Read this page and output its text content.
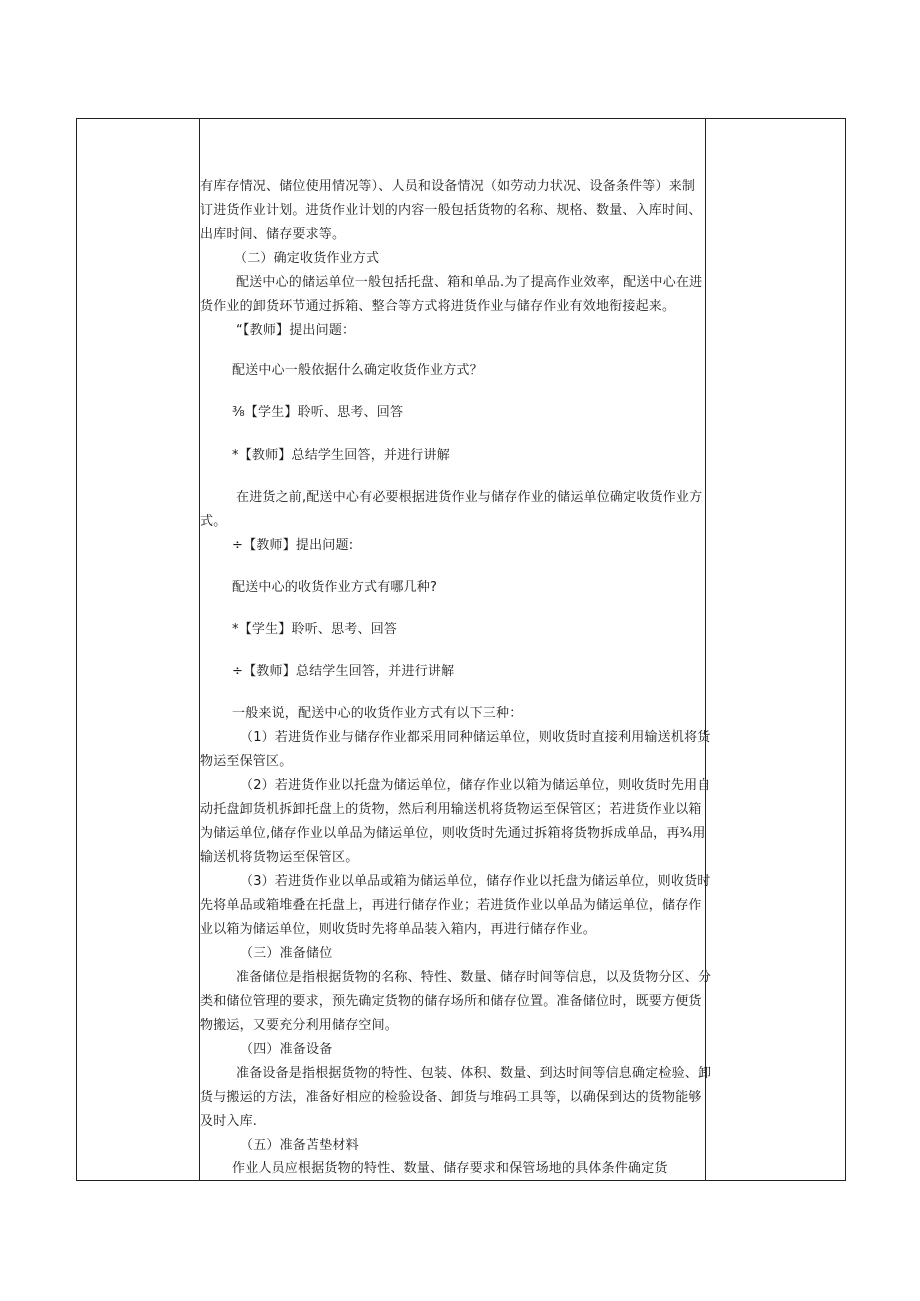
有库存情况、储位使用情况等）、人员和设备情况（如劳动力状况、设备条件等）来制
订进货作业计划。进货作业计划的内容一般包括货物的名称、规格、数量、入库时间、
出库时间、储存要求等。
（二）确定收货作业方式
配送中心的储运单位一般包括托盘、箱和单品.为了提高作业效率，配送中心在进
货作业的卸货环节通过拆箱、整合等方式将进货作业与储存作业有效地衔接起来。
“【教师】提出问题：
配送中心一般依据什么确定收货作业方式？
⅜【学生】聆听、思考、回答
*【教师】总结学生回答，并进行讲解
在进货之前,配送中心有必要根据进货作业与储存作业的储运单位确定收货作业方
式。
÷【教师】提出问题:
配送中心的收货作业方式有哪几种?
*【学生】聆听、思考、回答
÷【教师】总结学生回答，并进行讲解
一般来说，配送中心的收货作业方式有以下三种：
（1）若进货作业与储存作业都采用同种储运单位，则收货时直接利用输送机将货
物运至保管区。
（2）若进货作业以托盘为储运单位，储存作业以箱为储运单位，则收货时先用自
动托盘卸货机拆卸托盘上的货物，然后利用输送机将货物运至保管区；若进货作业以箱
为储运单位,储存作业以单品为储运单位，则收货时先通过拆箱将货物拆成单品，再¾用
输送机将货物运至保管区。
（3）若进货作业以单品或箱为储运单位，储存作业以托盘为储运单位，则收货时
先将单品或箱堆叠在托盘上，再进行储存作业；若进货作业以单品为储运单位，储存作
业以箱为储运单位，则收货时先将单品装入箱内，再进行储存作业。
（三）准备储位
准备储位是指根据货物的名称、特性、数量、储存时间等信息，以及货物分区、分
类和储位管理的要求，预先确定货物的储存场所和储存位置。准备储位时，既要方便货
物搬运，又要充分利用储存空间。
（四）准备设备
准备设备是指根据货物的特性、包装、体积、数量、到达时间等信息确定检验、卸
货与搬运的方法，准备好相应的检验设备、卸货与堆码工具等，以确保到达的货物能够
及时入库.
（五）准备苫垫材料
作业人员应根据货物的特性、数量、储存要求和保管场地的具体条件确定货
